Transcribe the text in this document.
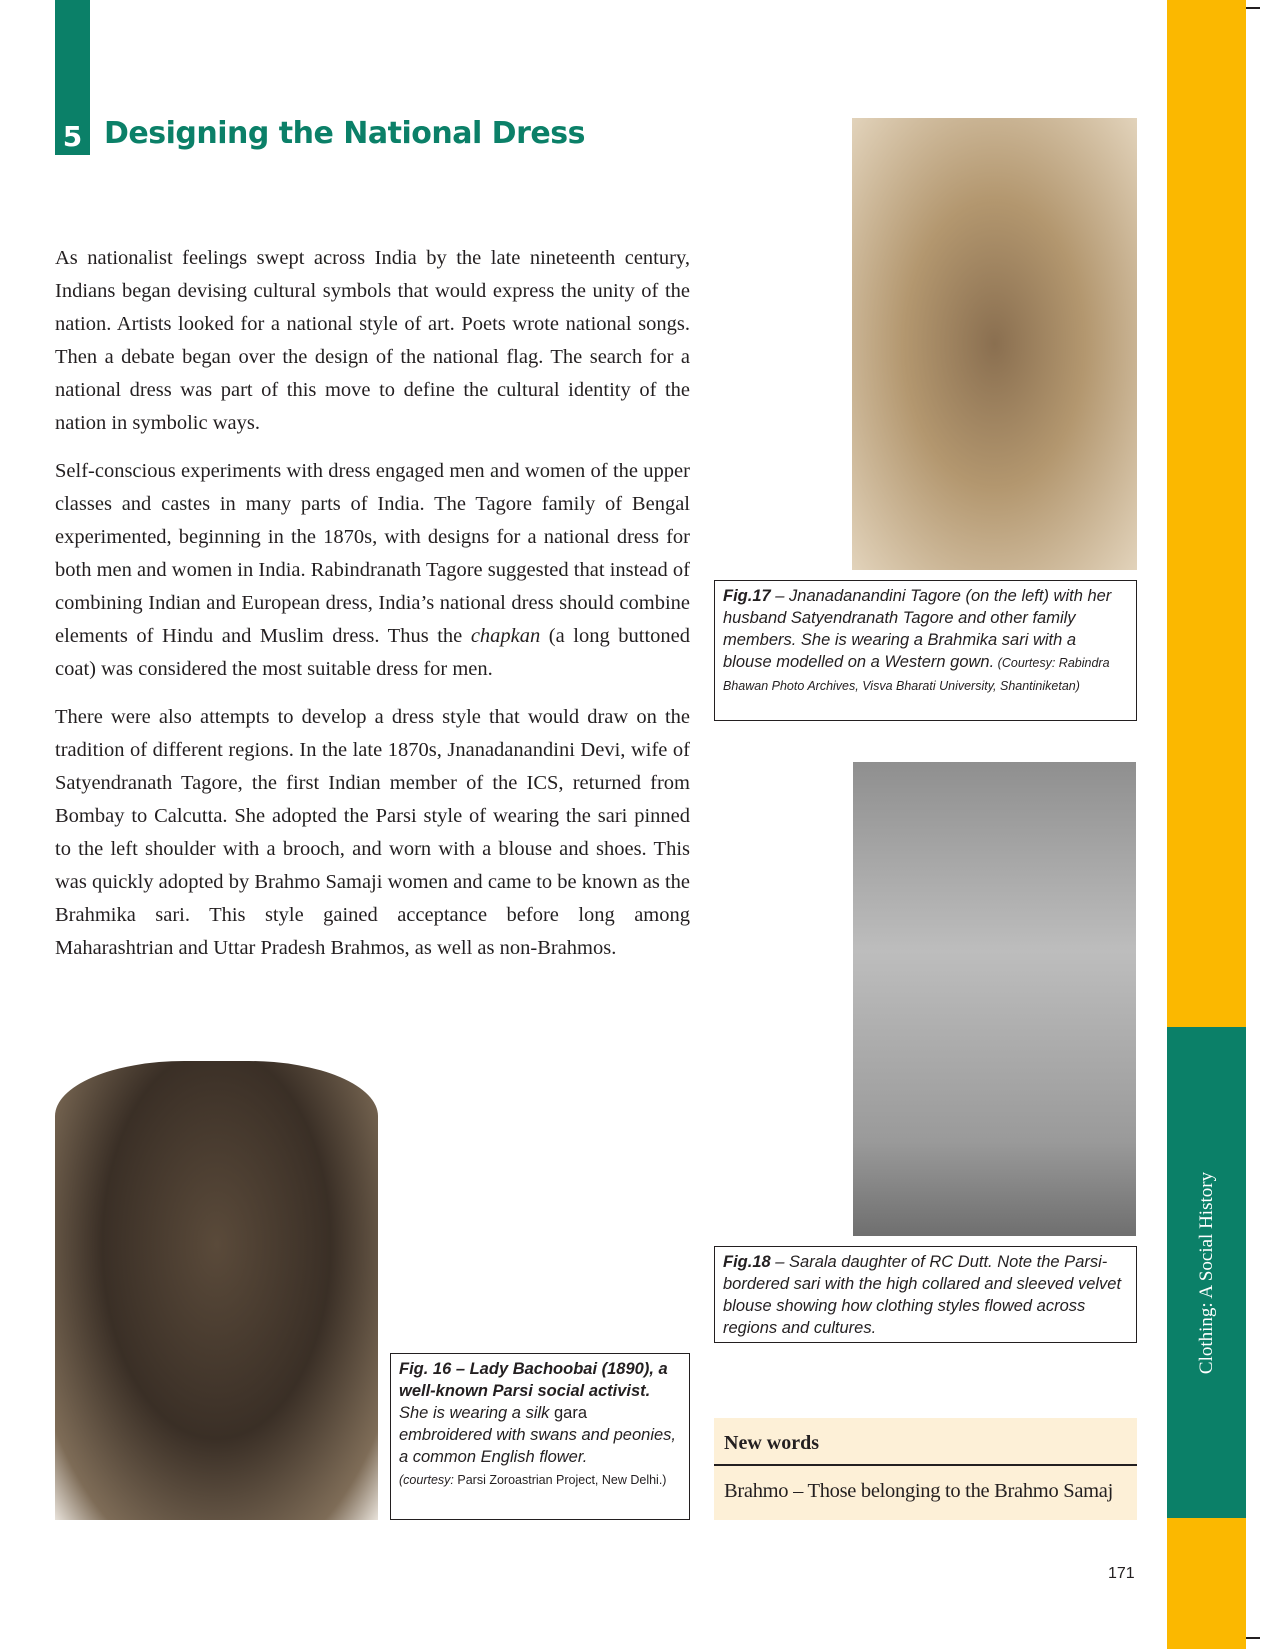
5 Designing the National Dress

As nationalist feelings swept across India by the late nineteenth century, Indians began devising cultural symbols that would express the unity of the nation. Artists looked for a national style of art. Poets wrote national songs. Then a debate began over the design of the national flag. The search for a national dress was part of this move to define the cultural identity of the nation in symbolic ways.

Self-conscious experiments with dress engaged men and women of the upper classes and castes in many parts of India. The Tagore family of Bengal experimented, beginning in the 1870s, with designs for a national dress for both men and women in India. Rabindranath Tagore suggested that instead of combining Indian and European dress, India’s national dress should combine elements of Hindu and Muslim dress. Thus the chapkan (a long buttoned coat) was considered the most suitable dress for men.

There were also attempts to develop a dress style that would draw on the tradition of different regions. In the late 1870s, Jnanadanandini Devi, wife of Satyendranath Tagore, the first Indian member of the ICS, returned from Bombay to Calcutta. She adopted the Parsi style of wearing the sari pinned to the left shoulder with a brooch, and worn with a blouse and shoes. This was quickly adopted by Brahmo Samaji women and came to be known as the Brahmika sari. This style gained acceptance before long among Maharashtrian and Uttar Pradesh Brahmos, as well as non-Brahmos.

Fig.17 – Jnanadanandini Tagore (on the left) with her husband Satyendranath Tagore and other family members. She is wearing a Brahmika sari with a blouse modelled on a Western gown. (Courtesy: Rabindra Bhawan Photo Archives, Visva Bharati University, Shantiniketan)
Fig.18 – Sarala daughter of RC Dutt. Note the Parsi-bordered sari with the high collared and sleeved velvet blouse showing how clothing styles flowed across regions and cultures.
Fig. 16 – Lady Bachoobai (1890), a well-known Parsi social activist.
She is wearing a silk gara embroidered with swans and peonies, a common English flower.
(courtesy: Parsi Zoroastrian Project, New Delhi.)
New words
Brahmo – Those belonging to the Brahmo Samaj
171
Clothing: A Social History
